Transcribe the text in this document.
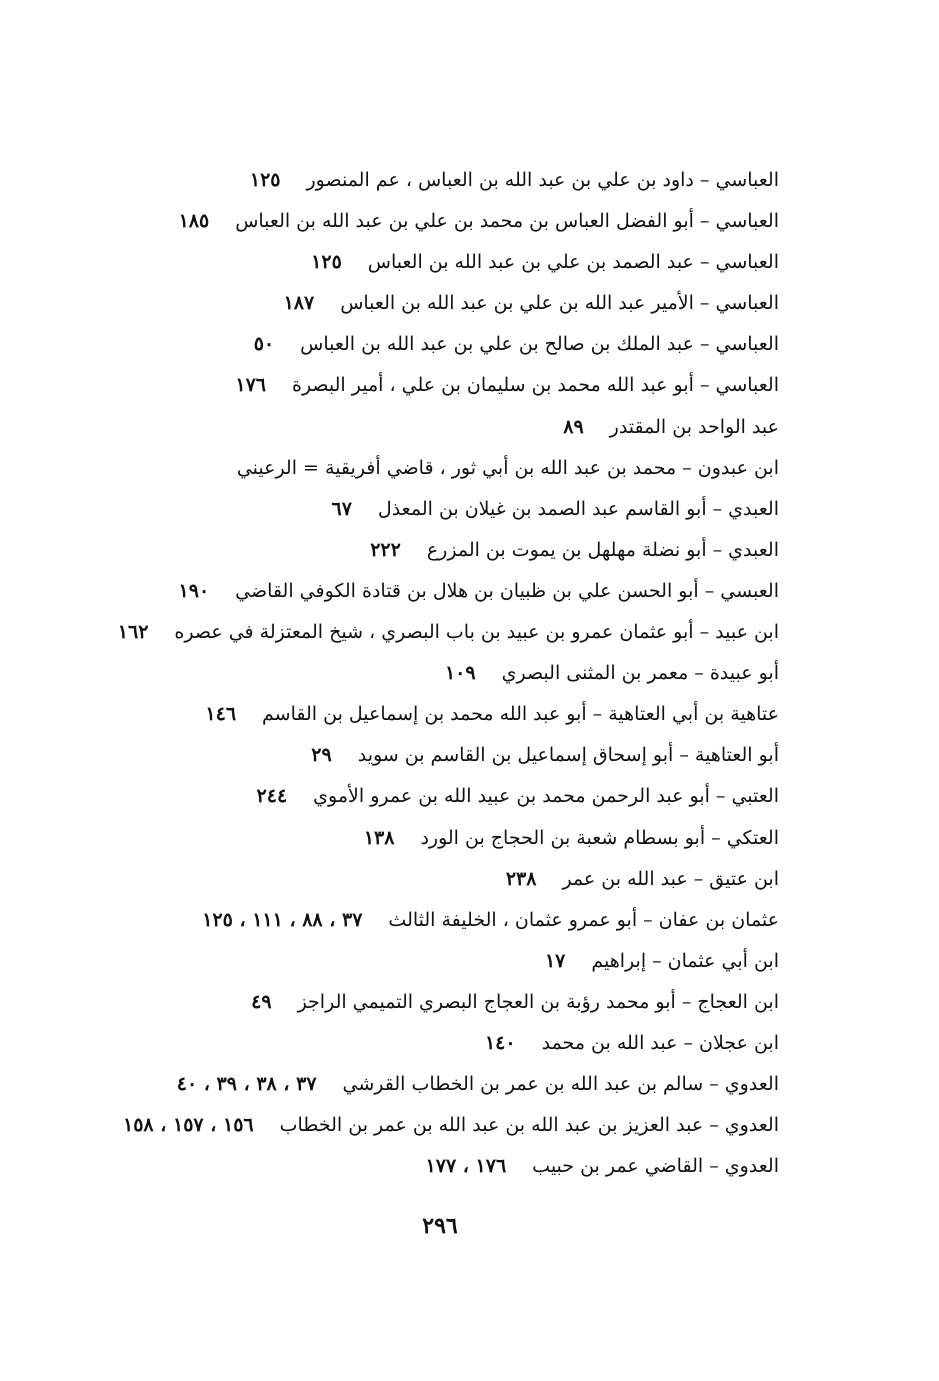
العباسي – داود بن علي بن عبد الله بن العباس ، عم المنصور١٢٥
العباسي – أبو الفضل العباس بن محمد بن علي بن عبد الله بن العباس١٨٥
العباسي – عبد الصمد بن علي بن عبد الله بن العباس١٢٥
العباسي – الأمير عبد الله بن علي بن عبد الله بن العباس١٨٧
العباسي – عبد الملك بن صالح بن علي بن عبد الله بن العباس٥٠
العباسي – أبو عبد الله محمد بن سليمان بن علي ، أمير البصرة١٧٦
عبد الواحد بن المقتدر٨٩
ابن عبدون – محمد بن عبد الله بن أبي ثور ، قاضي أفريقية = الرعيني
العبدي – أبو القاسم عبد الصمد بن غيلان بن المعذل٦٧
العبدي – أبو نضلة مهلهل بن يموت بن المزرع٢٢٢
العبسي – أبو الحسن علي بن ظبيان بن هلال بن قتادة الكوفي القاضي١٩٠
ابن عبيد – أبو عثمان عمرو بن عبيد بن باب البصري ، شيخ المعتزلة في عصره١٦٢
أبو عبيدة – معمر بن المثنى البصري١٠٩
عتاهية بن أبي العتاهية – أبو عبد الله محمد بن إسماعيل بن القاسم١٤٦
أبو العتاهية – أبو إسحاق إسماعيل بن القاسم بن سويد٢٩
العتبي – أبو عبد الرحمن محمد بن عبيد الله بن عمرو الأموي٢٤٤
العتكي – أبو بسطام شعبة بن الحجاج بن الورد١٣٨
ابن عتيق – عبد الله بن عمر٢٣٨
عثمان بن عفان – أبو عمرو عثمان ، الخليفة الثالث٣٧ ، ٨٨ ، ١١١ ، ١٢٥
ابن أبي عثمان – إبراهيم١٧
ابن العجاج – أبو محمد رؤبة بن العجاج البصري التميمي الراجز٤٩
ابن عجلان – عبد الله بن محمد١٤٠
العدوي – سالم بن عبد الله بن عمر بن الخطاب القرشي٣٧ ، ٣٨ ، ٣٩ ، ٤٠
العدوي – عبد العزيز بن عبد الله بن عبد الله بن عمر بن الخطاب١٥٦ ، ١٥٧ ، ١٥٨
العدوي – القاضي عمر بن حبيب١٧٦ ، ١٧٧
٢٩٦
